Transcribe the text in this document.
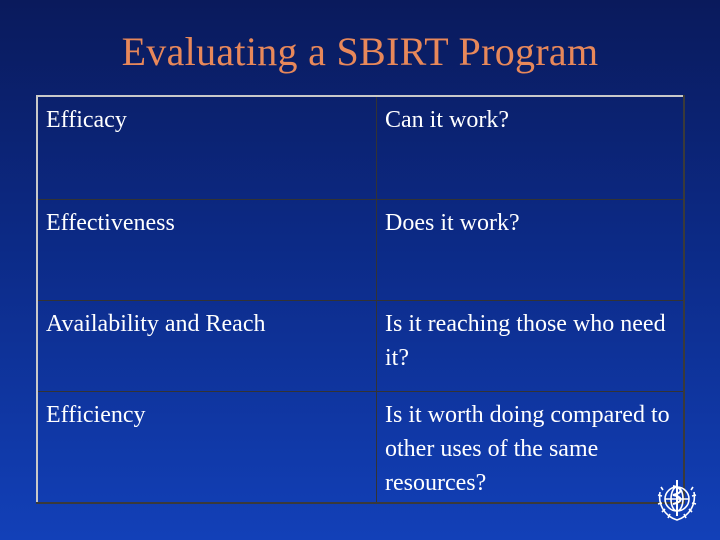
Evaluating a SBIRT Program
Efficacy	Can it work?
Effectiveness	Does it work?
Availability and Reach	Is it reaching those who need it?
Efficiency	Is it worth doing compared to other uses of the same resources?
